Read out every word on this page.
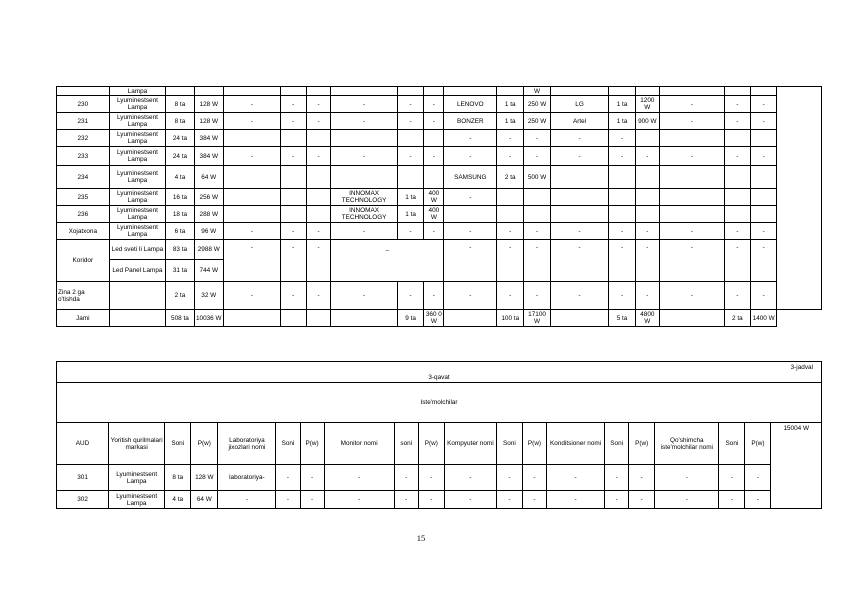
	Lampa											W							
230	Lyuminestsent Lampa	8 ta	128 W	-	-	-	-	-	-	LENOVO	1 ta	250 W	LG	1 ta	1200 W	-	-	-	
231	Lyuminestsent Lampa	8 ta	128 W	-	-	-	-	-	-	BONZER	1 ta	250 W	Artel	1 ta	900 W	-	-	-	
232	Lyuminestsent Lampa	24 ta	384 W							-	-	-	-	-					
233	Lyuminestsent Lampa	24 ta	384 W	-	-	-	-	-	-	-	-	-	-	-	-	-	-	-	
234	Lyuminestsent Lampa	4 ta	64 W							SAMSUNG	2 ta	500 W							
235	Lyuminestsent Lampa	16 ta	256 W				INNOMAX TECHNOLOGY	1 ta	400 W	-									
236	Lyuminestsent Lampa	18 ta	288 W				INNOMAX TECHNOLOGY	1 ta	400 W										
Xojatxona	Lyuminestsent Lampa	6 ta	96 W	-	-	-	-	-	-	-	-	-	-	-	-	-	-	-	
Koridor	Led sveti li Lampa	83 ta	2988 W	-	-	-	_			-	-	-	-	-	-	-	-	-	
	Led Panel Lampa	31 ta	744 W																
Zina 2 ga o'tishda		2 ta	32 W	-	-	-	-	-	-	-	-	-	-	-	-	-	-	-	
Jami		508 ta	10036 W					9 ta	360 0 W		100 ta	17100 W		5 ta	4800 W		2 ta	1400 W	
3-jadval
3-qavat																			

Iste'molchilar																			
AUD	Yoritish qurilmalari markasi	Soni	P(w)	Laboratoriya jixozlari nomi	Soni	P(w)	Monitor nomi	soni	P(w)	Kompyuter nomi	Soni	P(w)	Konditsioner nomi	Soni	P(w)	Qo'shimcha iste'molchilar nomi	Soni	P(w)	15004 W
301	Lyuminestsent Lampa	8 ta	128 W	laboratoriya-	-	-	-	-	-	-	-	-	-	-	-	-	-	-	
302	Lyuminestsent Lampa	4 ta	64 W	-	-	-	-	-	-	-	-	-	-	-	-	-	-	-	
15
